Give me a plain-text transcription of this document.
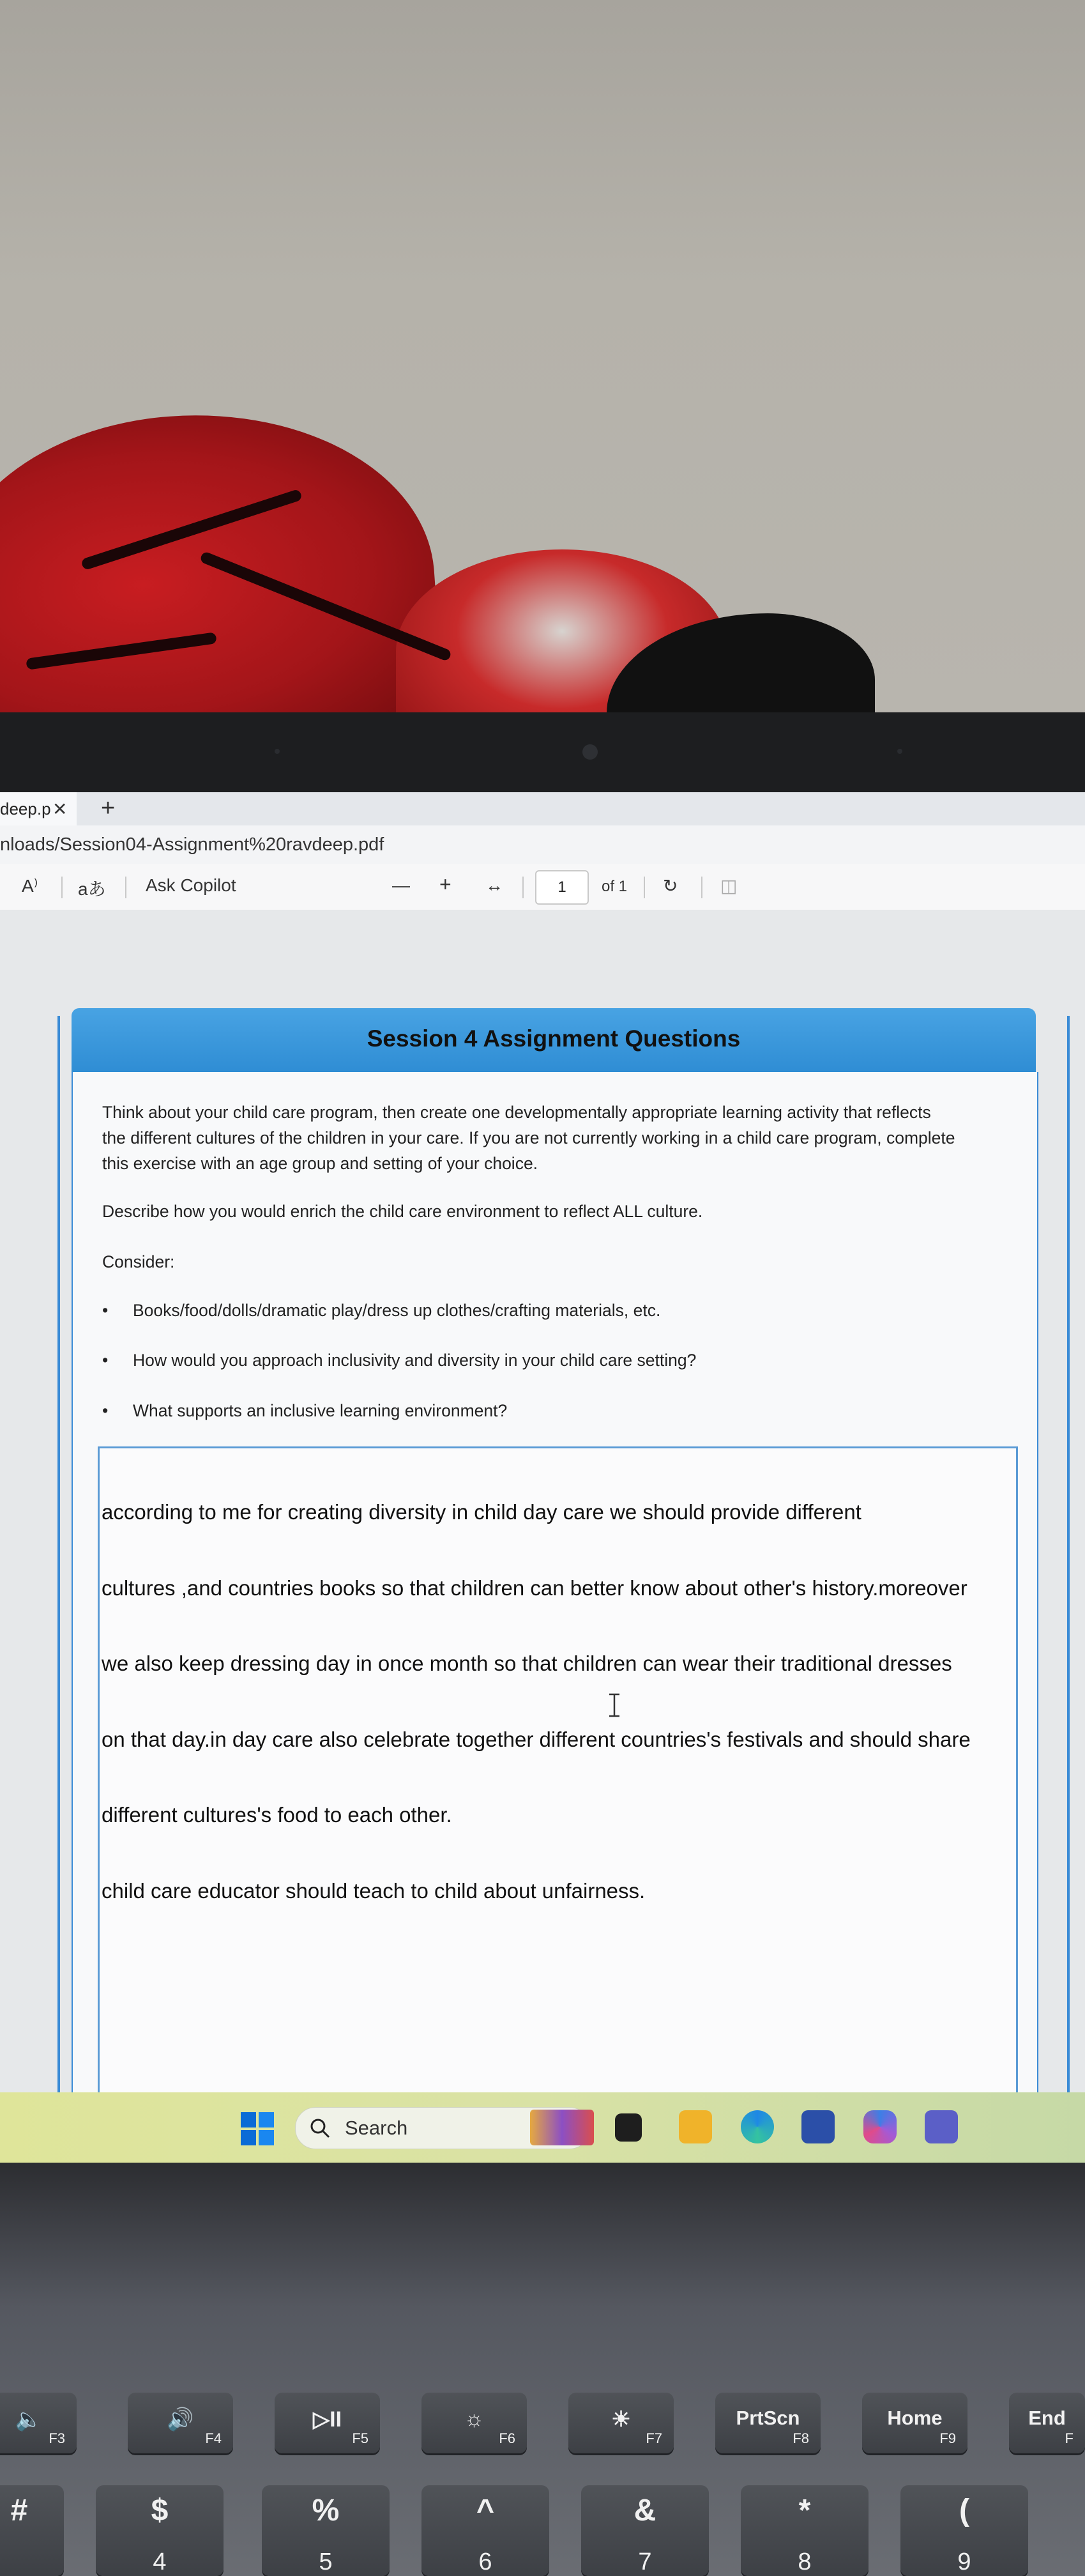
deep.p ✕ +
nloads/Session04-Assignment%20ravdeep.pdf
A⁾ aあ Ask Copilot	— + ↔	1	of 1 ↻ ◫
Session 4 Assignment Questions
Think about your child care program, then create one developmentally appropriate learning activity that reflects
the different cultures of the children in your care. If you are not currently working in a child care program, complete
this exercise with an age group and setting of your choice.
Describe how you would enrich the child care environment to reflect ALL culture.
Consider:
• Books/food/dolls/dramatic play/dress up clothes/crafting materials, etc.
• How would you approach inclusivity and diversity in your child care setting?
• What supports an inclusive learning environment?

according to me for creating diversity in child day care we should provide different

cultures ,and countries books so that children can better know about other's history.moreover

we also keep dressing day in once month so that children can wear their traditional dresses

on that day.in day care also celebrate together different countries's festivals and should share

different cultures's food to each other.

child care educator should teach to child about unfairness.

Search
🔈
F3
🔊
F4
▷II
F5
☼
F6
☀
F7
PrtScn
F8
Home
F9
End
F
#	$
4
%
5
^
6
&
7
*
8
(
9
